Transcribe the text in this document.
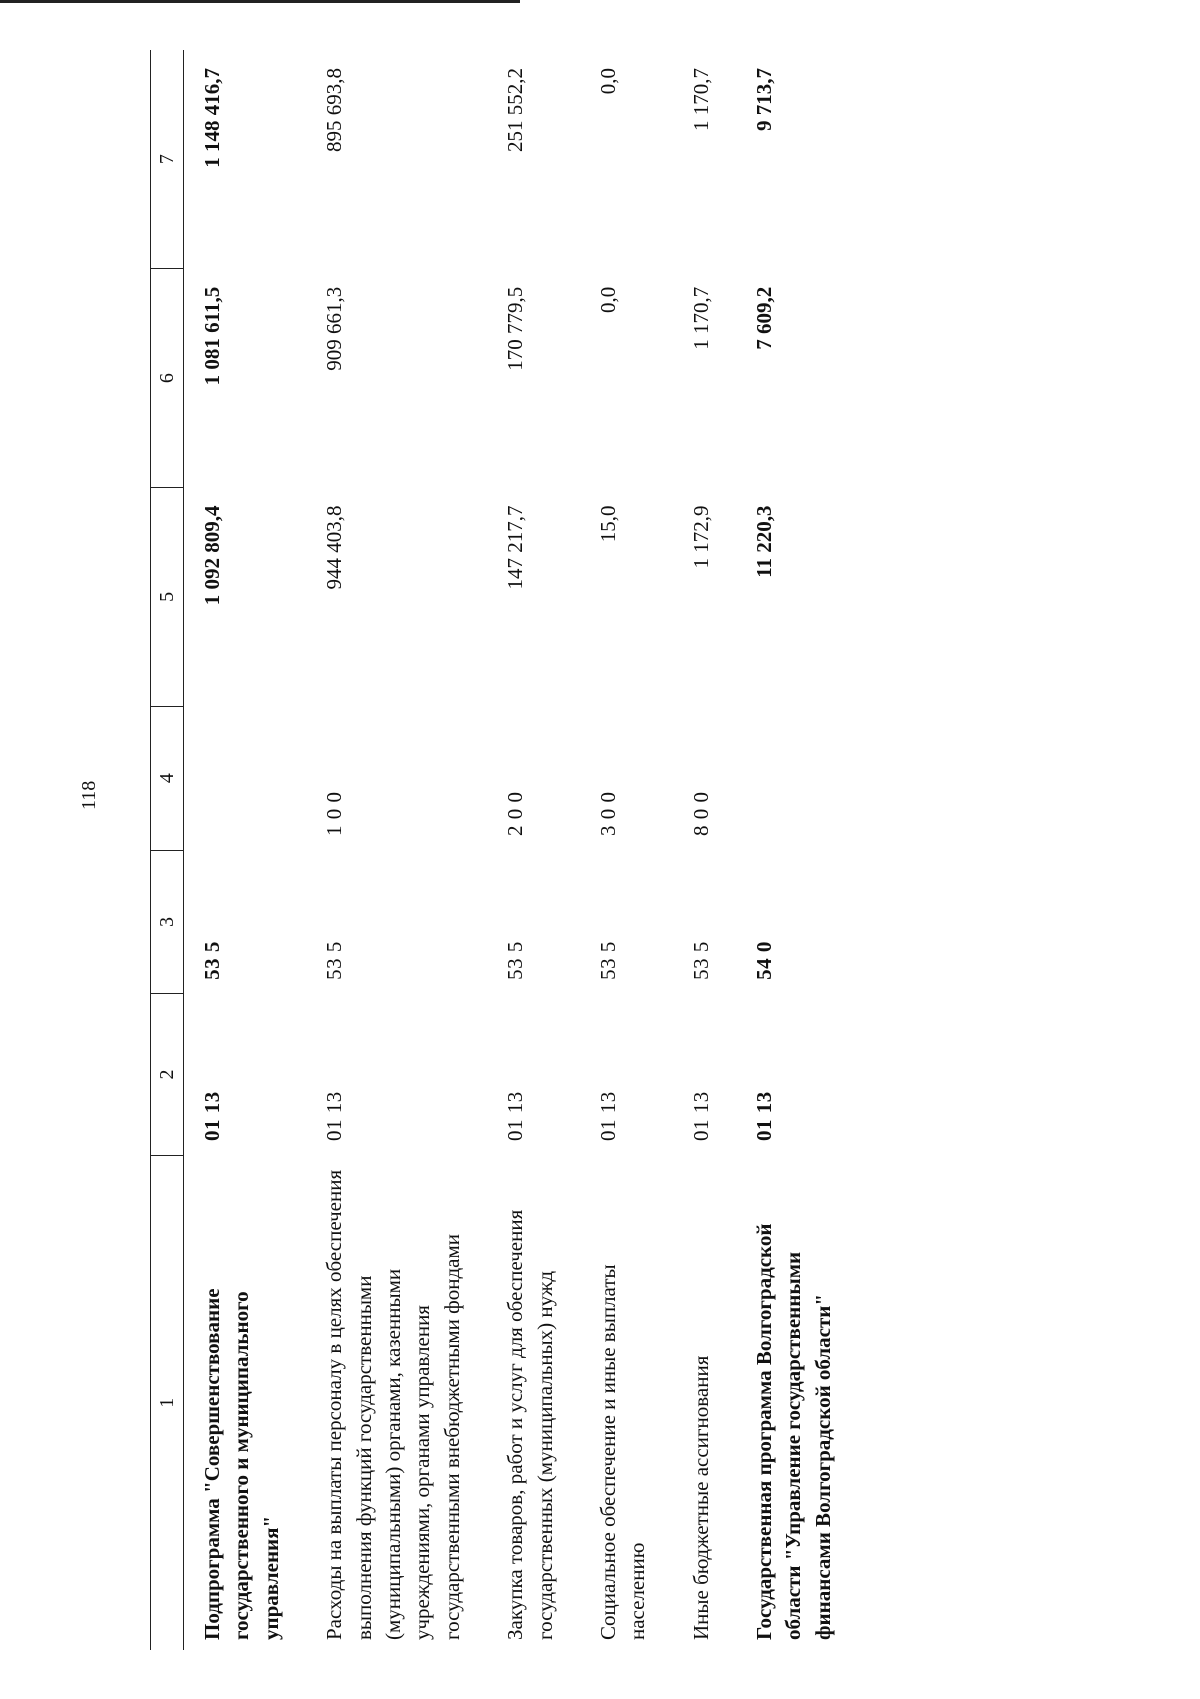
118
1	2	3	4	5	6	7
Подпрограмма "Совершенствование государственного и муниципального управления"	01 13	53 5		1 092 809,4	1 081 611,5	1 148 416,7
Расходы на выплаты персоналу в целях обеспечения выполнения функций государственными (муниципальными) органами, казенными учреждениями, органами управления государственными внебюджетными фондами	01 13	53 5	1 0 0	944 403,8	909 661,3	895 693,8
Закупка товаров, работ и услуг для обеспечения государственных (муниципальных) нужд	01 13	53 5	2 0 0	147 217,7	170 779,5	251 552,2
Социальное обеспечение и иные выплаты населению	01 13	53 5	3 0 0	15,0	0,0	0,0
Иные бюджетные ассигнования	01 13	53 5	8 0 0	1 172,9	1 170,7	1 170,7
Государственная программа Волгоградской области "Управление государственными финансами Волгоградской области"	01 13	54 0		11 220,3	7 609,2	9 713,7
